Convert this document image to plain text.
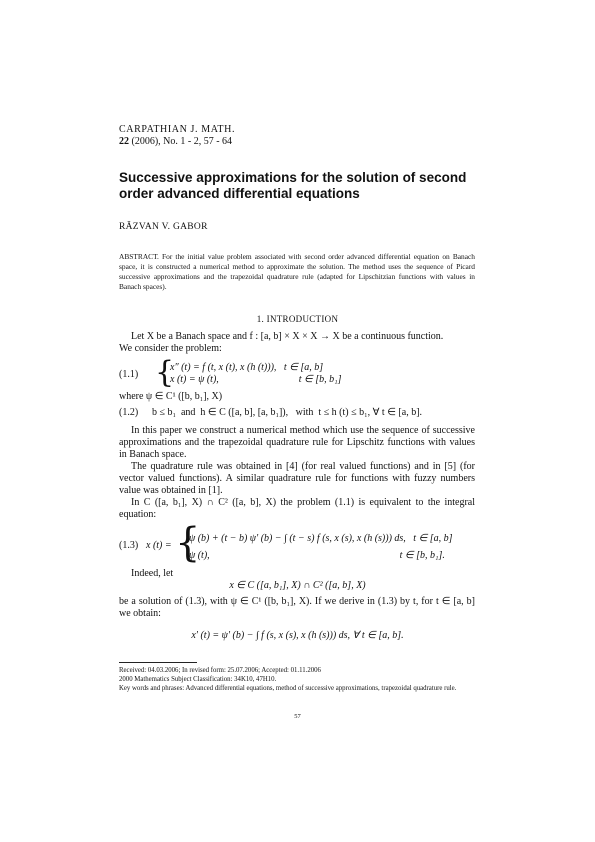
CARPATHIAN J. MATH.
22 (2006), No. 1 - 2, 57 - 64
Successive approximations for the solution of second order advanced differential equations
RĂZVAN V. GABOR
ABSTRACT. For the initial value problem associated with second order advanced differential equation on Banach space, it is constructed a numerical method to approximate the solution. The method uses the sequence of Picard successive approximations and the trapezoidal quadrature rule (adapted for Lipschitzian functions with values in Banach spaces).
1. INTRODUCTION
Let X be a Banach space and f : [a, b] × X × X → X be a continuous function.
We consider the problem:
(1.1) {
x″ (t) = f (t, x (t), x (h (t))),   t ∈ [a, b]
x (t) = ψ (t),                                t ∈ [b, b₁]
where ψ ∈ C¹ ([b, b₁], X)
(1.2) b ≤ b₁  and  h ∈ C ([a, b], [a, b₁]),   with  t ≤ h (t) ≤ b₁, ∀ t ∈ [a, b].
In this paper we construct a numerical method which use the sequence of successive approximations and the trapezoidal quadrature rule for Lipschitz functions with values in Banach space.
The quadrature rule was obtained in [4] (for real valued functions) and in [5] (for vector valued functions). A similar quadrature rule for functions with fuzzy numbers value was obtained in [1].
In C ([a, b₁], X) ∩ C² ([a, b], X) the problem (1.1) is equivalent to the integral equation:
(1.3) x (t) = {
ψ (b) + (t − b) ψ′ (b) − ∫ (t − s) f (s, x (s), x (h (s))) ds,   t ∈ [a, b]
ψ (t),                                                                            t ∈ [b, b₁].
Indeed, let
x ∈ C ([a, b₁], X) ∩ C² ([a, b], X)
be a solution of (1.3), with ψ ∈ C¹ ([b, b₁], X). If we derive in (1.3) by t, for t ∈ [a, b] we obtain:
x′ (t) = ψ′ (b) − ∫ f (s, x (s), x (h (s))) ds, ∀ t ∈ [a, b].
Received: 04.03.2006; In revised form: 25.07.2006; Accepted: 01.11.2006
2000 Mathematics Subject Classification: 34K10, 47H10.
Key words and phrases: Advanced differential equations, method of successive approximations, trapezoidal quadrature rule.
57
